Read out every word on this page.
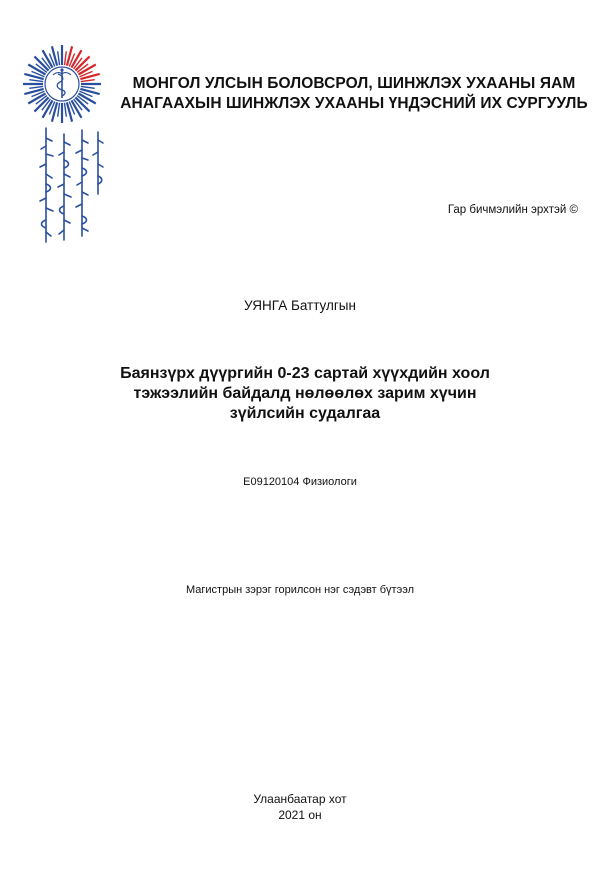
МОНГОЛ УЛСЫН БОЛОВСРОЛ, ШИНЖЛЭХ УХААНЫ ЯАМ
АНАГААХЫН ШИНЖЛЭХ УХААНЫ ҮНДЭСНИЙ ИХ СУРГУУЛЬ
Гар бичмэлийн эрхтэй ©
УЯНГА Баттулгын
Баянзүрх дүүргийн 0-23 сартай хүүхдийн хоол
тэжээлийн байдалд нөлөөлөх зарим хүчин
зүйлсийн судалгаа
E09120104 Физиологи
Магистрын зэрэг горилсон нэг сэдэвт бүтээл
Улаанбаатар хот
2021 он
